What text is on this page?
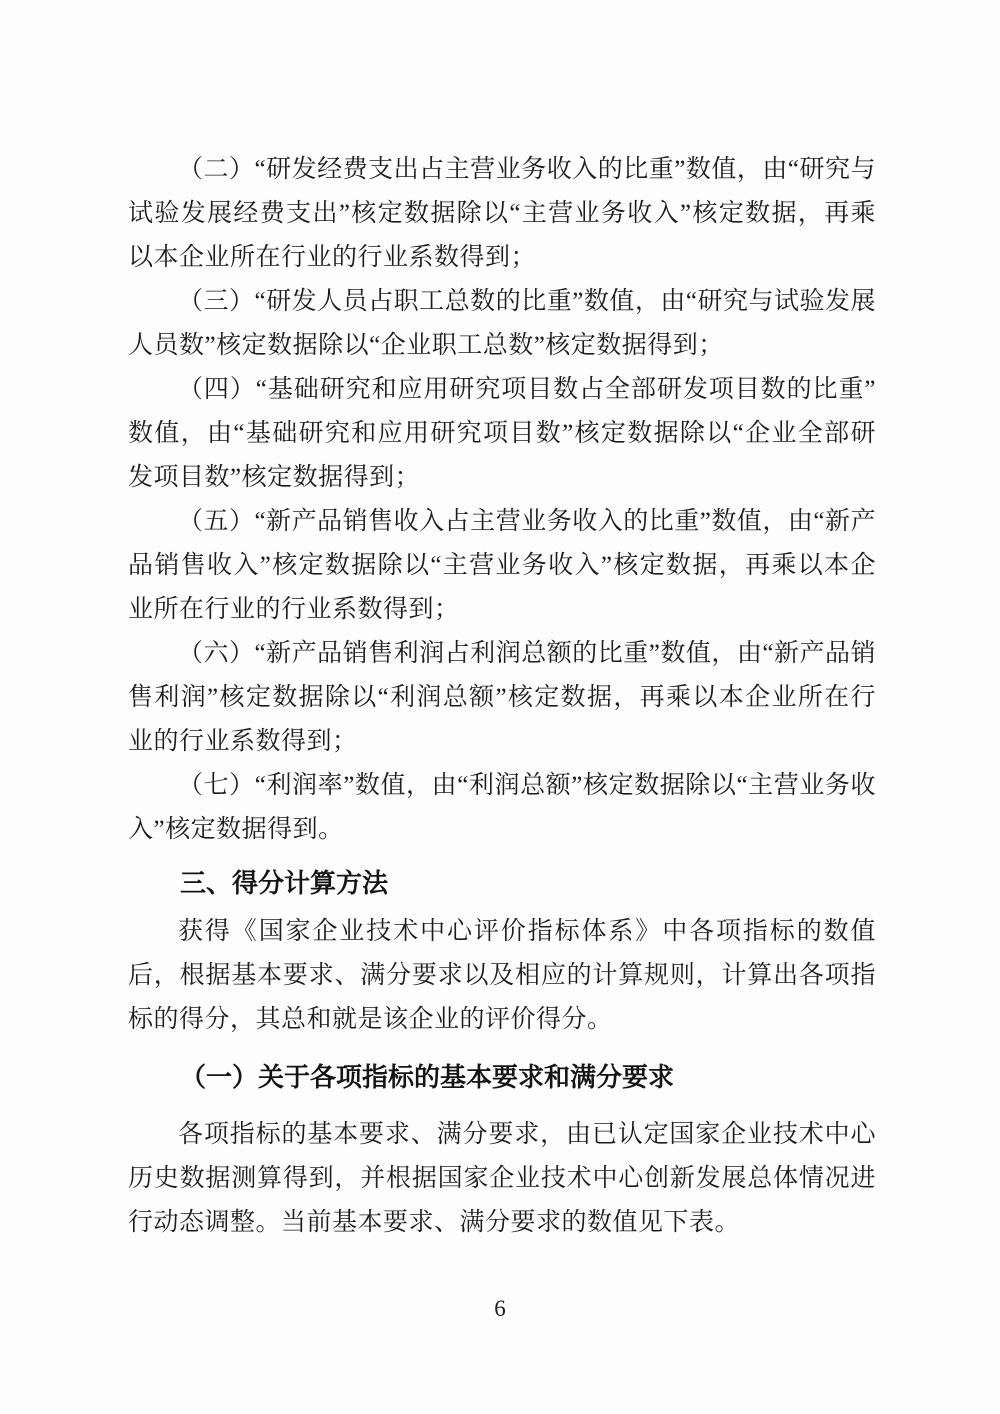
（二）“研发经费支出占主营业务收入的比重”数值，由“研究与试验发展经费支出”核定数据除以“主营业务收入”核定数据，再乘以本企业所在行业的行业系数得到；

（三）“研发人员占职工总数的比重”数值，由“研究与试验发展人员数”核定数据除以“企业职工总数”核定数据得到；

（四）“基础研究和应用研究项目数占全部研发项目数的比重”数值，由“基础研究和应用研究项目数”核定数据除以“企业全部研发项目数”核定数据得到；

（五）“新产品销售收入占主营业务收入的比重”数值，由“新产品销售收入”核定数据除以“主营业务收入”核定数据，再乘以本企业所在行业的行业系数得到；

（六）“新产品销售利润占利润总额的比重”数值，由“新产品销售利润”核定数据除以“利润总额”核定数据，再乘以本企业所在行业的行业系数得到；

（七）“利润率”数值，由“利润总额”核定数据除以“主营业务收入”核定数据得到。

三、得分计算方法

获得《国家企业技术中心评价指标体系》中各项指标的数值后，根据基本要求、满分要求以及相应的计算规则，计算出各项指标的得分，其总和就是该企业的评价得分。

（一）关于各项指标的基本要求和满分要求

各项指标的基本要求、满分要求，由已认定国家企业技术中心历史数据测算得到，并根据国家企业技术中心创新发展总体情况进行动态调整。当前基本要求、满分要求的数值见下表。

6
